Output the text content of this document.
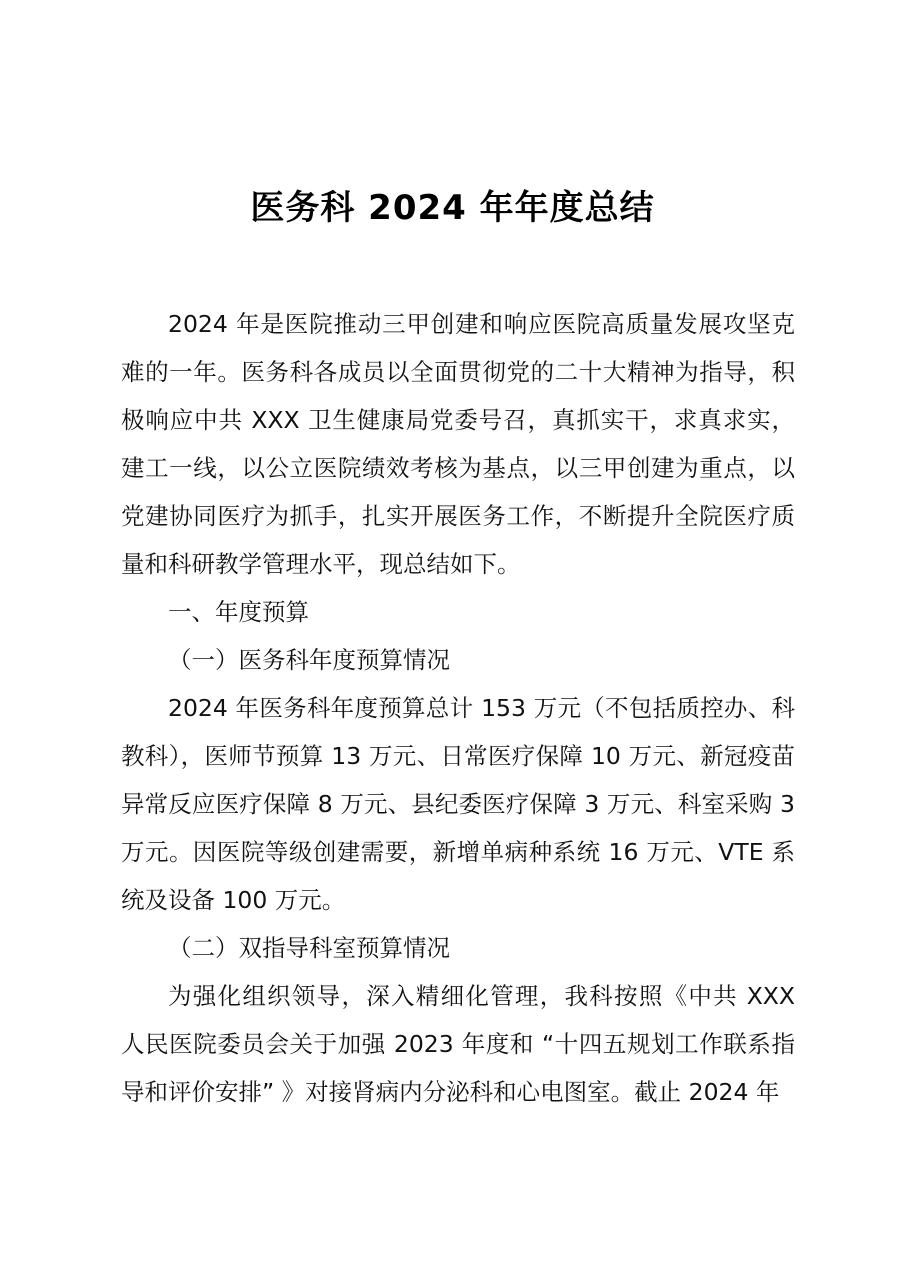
医务科 2024 年年度总结

2024 年是医院推动三甲创建和响应医院高质量发展攻坚克难的一年。医务科各成员以全面贯彻党的二十大精神为指导，积极响应中共 XXX 卫生健康局党委号召，真抓实干，求真求实，建工一线，以公立医院绩效考核为基点，以三甲创建为重点，以党建协同医疗为抓手，扎实开展医务工作，不断提升全院医疗质量和科研教学管理水平，现总结如下。

一、年度预算

（一）医务科年度预算情况

2024 年医务科年度预算总计 153 万元（不包括质控办、科教科），医师节预算 13 万元、日常医疗保障 10 万元、新冠疫苗异常反应医疗保障 8 万元、县纪委医疗保障 3 万元、科室采购 3 万元。因医院等级创建需要，新增单病种系统 16 万元、VTE 系统及设备 100 万元。

（二）双指导科室预算情况

为强化组织领导，深入精细化管理，我科按照《中共 XXX 人民医院委员会关于加强 2023 年度和 “十四五规划工作联系指导和评价安排” 》对接肾病内分泌科和心电图室。截止 2024 年
